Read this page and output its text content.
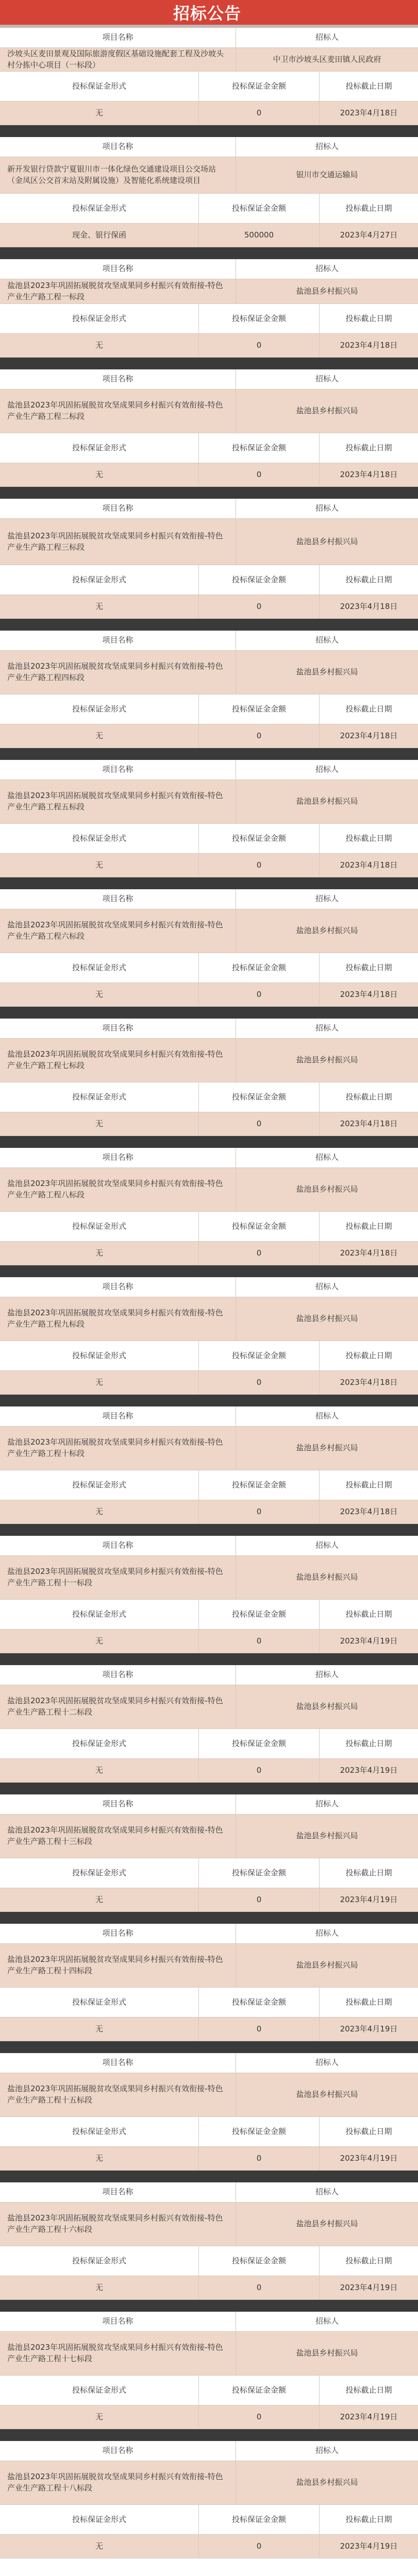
招标公告
项目名称	招标人
沙坡头区麦田景观及国际旅游度假区基础设施配套工程及沙坡头村分拣中心项目（一标段）
中卫市沙坡头区麦田镇人民政府
投标保证金形式	投标保证金金额	投标截止日期
无	0	2023年4月18日
项目名称	招标人
新开发银行贷款宁夏银川市一体化绿色交通建设项目公交场站（金凤区公交首末站及附属设施）及智能化系统建设项目
银川市交通运输局
投标保证金形式	投标保证金金额	投标截止日期
现金、银行保函	500000	2023年4月27日
项目名称	招标人
盐池县2023年巩固拓展脱贫攻坚成果同乡村振兴有效衔接-特色产业生产路工程一标段
盐池县乡村振兴局
投标保证金形式	投标保证金金额	投标截止日期
无	0	2023年4月18日
项目名称	招标人
盐池县2023年巩固拓展脱贫攻坚成果同乡村振兴有效衔接-特色产业生产路工程二标段
盐池县乡村振兴局
投标保证金形式	投标保证金金额	投标截止日期
无	0	2023年4月18日
项目名称	招标人
盐池县2023年巩固拓展脱贫攻坚成果同乡村振兴有效衔接-特色产业生产路工程三标段
盐池县乡村振兴局
投标保证金形式	投标保证金金额	投标截止日期
无	0	2023年4月18日
项目名称	招标人
盐池县2023年巩固拓展脱贫攻坚成果同乡村振兴有效衔接-特色产业生产路工程四标段
盐池县乡村振兴局
投标保证金形式	投标保证金金额	投标截止日期
无	0	2023年4月18日
项目名称	招标人
盐池县2023年巩固拓展脱贫攻坚成果同乡村振兴有效衔接-特色产业生产路工程五标段
盐池县乡村振兴局
投标保证金形式	投标保证金金额	投标截止日期
无	0	2023年4月18日
项目名称	招标人
盐池县2023年巩固拓展脱贫攻坚成果同乡村振兴有效衔接-特色产业生产路工程六标段
盐池县乡村振兴局
投标保证金形式	投标保证金金额	投标截止日期
无	0	2023年4月18日
项目名称	招标人
盐池县2023年巩固拓展脱贫攻坚成果同乡村振兴有效衔接-特色产业生产路工程七标段
盐池县乡村振兴局
投标保证金形式	投标保证金金额	投标截止日期
无	0	2023年4月18日
项目名称	招标人
盐池县2023年巩固拓展脱贫攻坚成果同乡村振兴有效衔接-特色产业生产路工程八标段
盐池县乡村振兴局
投标保证金形式	投标保证金金额	投标截止日期
无	0	2023年4月18日
项目名称	招标人
盐池县2023年巩固拓展脱贫攻坚成果同乡村振兴有效衔接-特色产业生产路工程九标段
盐池县乡村振兴局
投标保证金形式	投标保证金金额	投标截止日期
无	0	2023年4月18日
项目名称	招标人
盐池县2023年巩固拓展脱贫攻坚成果同乡村振兴有效衔接-特色产业生产路工程十标段
盐池县乡村振兴局
投标保证金形式	投标保证金金额	投标截止日期
无	0	2023年4月18日
项目名称	招标人
盐池县2023年巩固拓展脱贫攻坚成果同乡村振兴有效衔接-特色产业生产路工程十一标段
盐池县乡村振兴局
投标保证金形式	投标保证金金额	投标截止日期
无	0	2023年4月19日
项目名称	招标人
盐池县2023年巩固拓展脱贫攻坚成果同乡村振兴有效衔接-特色产业生产路工程十二标段
盐池县乡村振兴局
投标保证金形式	投标保证金金额	投标截止日期
无	0	2023年4月19日
项目名称	招标人
盐池县2023年巩固拓展脱贫攻坚成果同乡村振兴有效衔接-特色产业生产路工程十三标段
盐池县乡村振兴局
投标保证金形式	投标保证金金额	投标截止日期
无	0	2023年4月19日
项目名称	招标人
盐池县2023年巩固拓展脱贫攻坚成果同乡村振兴有效衔接-特色产业生产路工程十四标段
盐池县乡村振兴局
投标保证金形式	投标保证金金额	投标截止日期
无	0	2023年4月19日
项目名称	招标人
盐池县2023年巩固拓展脱贫攻坚成果同乡村振兴有效衔接-特色产业生产路工程十五标段
盐池县乡村振兴局
投标保证金形式	投标保证金金额	投标截止日期
无	0	2023年4月19日
项目名称	招标人
盐池县2023年巩固拓展脱贫攻坚成果同乡村振兴有效衔接-特色产业生产路工程十六标段
盐池县乡村振兴局
投标保证金形式	投标保证金金额	投标截止日期
无	0	2023年4月19日
项目名称	招标人
盐池县2023年巩固拓展脱贫攻坚成果同乡村振兴有效衔接-特色产业生产路工程十七标段
盐池县乡村振兴局
投标保证金形式	投标保证金金额	投标截止日期
无	0	2023年4月19日
项目名称	招标人
盐池县2023年巩固拓展脱贫攻坚成果同乡村振兴有效衔接-特色产业生产路工程十八标段
盐池县乡村振兴局
投标保证金形式	投标保证金金额	投标截止日期
无	0	2023年4月19日
